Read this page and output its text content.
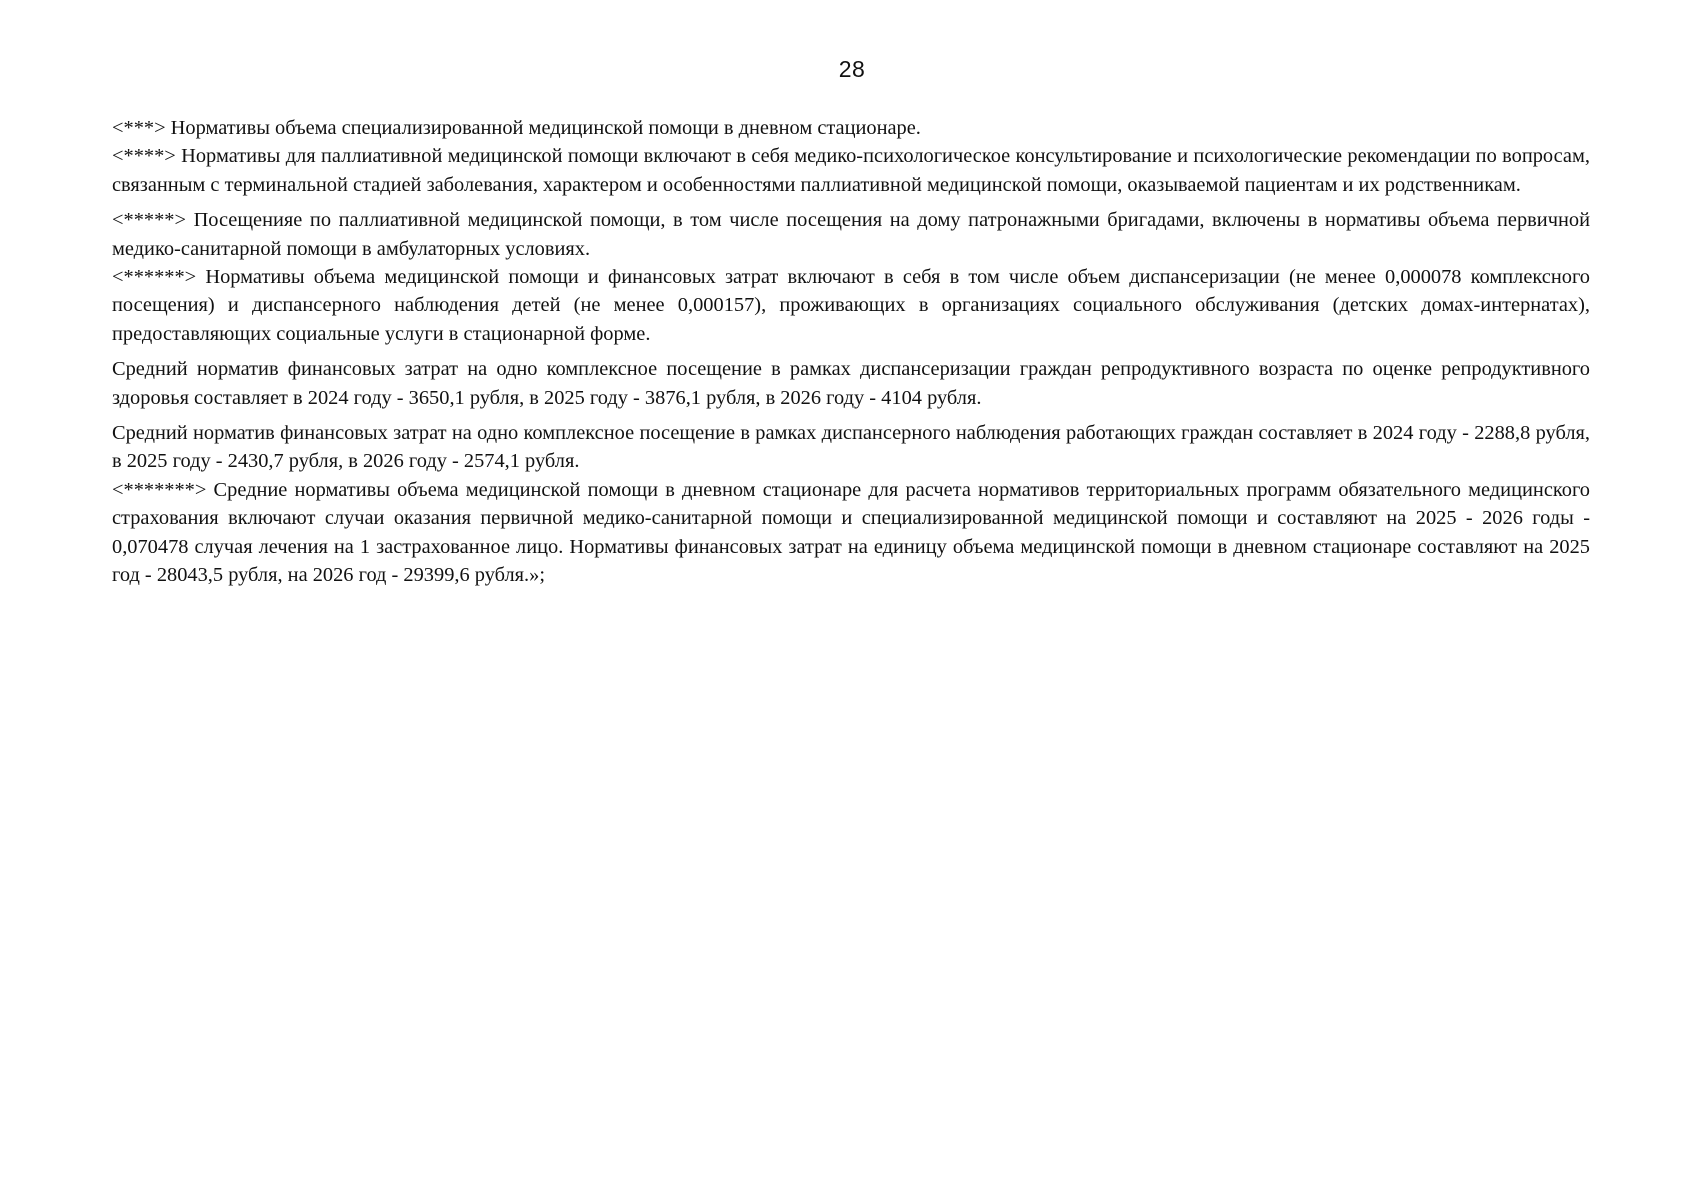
28

<***> Нормативы объема специализированной медицинской помощи в дневном стационаре.

<****> Нормативы для паллиативной медицинской помощи включают в себя медико-психологическое консультирование и психологические рекомендации по вопросам, связанным с терминальной стадией заболевания, характером и особенностями паллиативной медицинской помощи, оказываемой пациентам и их родственникам.

<*****> Посещенияе по паллиативной медицинской помощи, в том числе посещения на дому патронажными бригадами, включены в нормативы объема первичной медико-санитарной помощи в амбулаторных условиях.

<******> Нормативы объема медицинской помощи и финансовых затрат включают в себя в том числе объем диспансеризации (не менее 0,000078 комплексного посещения) и диспансерного наблюдения детей (не менее 0,000157), проживающих в организациях социального обслуживания (детских домах-интернатах), предоставляющих социальные услуги в стационарной форме.

Средний норматив финансовых затрат на одно комплексное посещение в рамках диспансеризации граждан репродуктивного возраста по оценке репродуктивного здоровья составляет в 2024 году - 3650,1 рубля, в 2025 году - 3876,1 рубля, в 2026 году - 4104 рубля.

Средний норматив финансовых затрат на одно комплексное посещение в рамках диспансерного наблюдения работающих граждан составляет в 2024 году - 2288,8 рубля, в 2025 году - 2430,7 рубля, в 2026 году - 2574,1 рубля.

<*******> Средние нормативы объема медицинской помощи в дневном стационаре для расчета нормативов территориальных программ обязательного медицинского страхования включают случаи оказания первичной медико-санитарной помощи и специализированной медицинской помощи и составляют на 2025 - 2026 годы - 0,070478 случая лечения на 1 застрахованное лицо. Нормативы финансовых затрат на единицу объема медицинской помощи в дневном стационаре составляют на 2025 год - 28043,5 рубля, на 2026 год - 29399,6 рубля.»;
